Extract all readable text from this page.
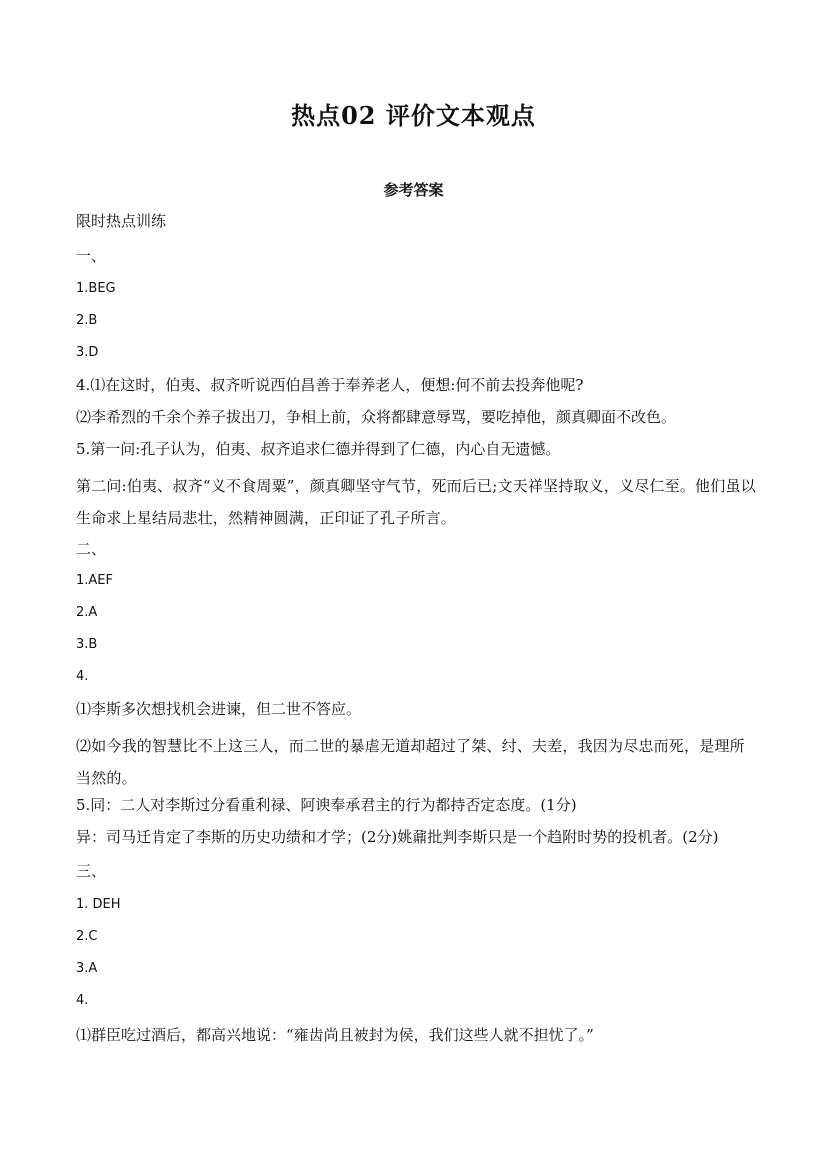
热点02 评价文本观点
参考答案
限时热点训练
一、
1.BEG
2.B
3.D
4.⑴在这时，伯夷、叔齐听说西伯昌善于奉养老人，便想:何不前去投奔他呢?
⑵李希烈的千余个养子拔出刀，争相上前，众将都肆意辱骂，要吃掉他，颜真卿面不改色。
5.第一问:孔子认为，伯夷、叔齐追求仁德并得到了仁德，内心自无遗憾。
第二问:伯夷、叔齐“义不食周粟”，颜真卿坚守气节，死而后已;文天祥坚持取义，义尽仁至。他们虽以生命求上星结局悲壮，然精神圆满，正印证了孔子所言。
二、
1.AEF
2.A
3.B
4.
⑴李斯多次想找机会进谏，但二世不答应。
⑵如今我的智慧比不上这三人，而二世的暴虐无道却超过了桀、纣、夫差，我因为尽忠而死，是理所当然的。
5.同：二人对李斯过分看重利禄、阿谀奉承君主的行为都持否定态度。(1分)
异：司马迁肯定了李斯的历史功绩和才学；(2分)姚鼐批判李斯只是一个趋附时势的投机者。(2分)
三、
1. DEH
2.C
3.A
4.
⑴群臣吃过酒后，都高兴地说：“雍齿尚且被封为侯，我们这些人就不担忧了。”
